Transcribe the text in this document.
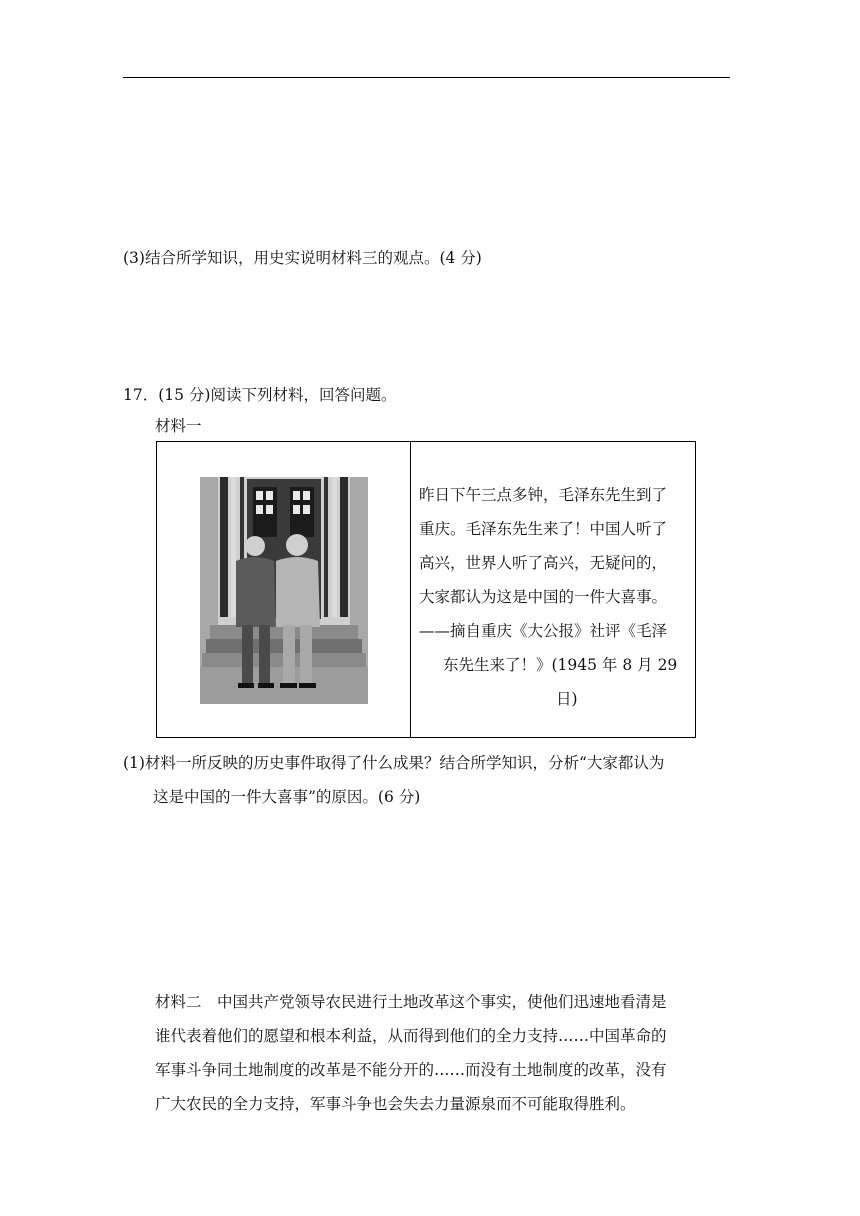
(3)结合所学知识，用史实说明材料三的观点。(4 分)
17．(15 分)阅读下列材料，回答问题。
材料一
昨日下午三点多钟，毛泽东先生到了
重庆。毛泽东先生来了！中国人听了
高兴，世界人听了高兴，无疑问的，
大家都认为这是中国的一件大喜事。
——摘自重庆《大公报》社评《毛泽
东先生来了！》(1945 年 8 月 29
日)
(1)材料一所反映的历史事件取得了什么成果？结合所学知识，分析“大家都认为
这是中国的一件大喜事”的原因。(6 分)
材料二　中国共产党领导农民进行土地改革这个事实，使他们迅速地看清是
谁代表着他们的愿望和根本利益，从而得到他们的全力支持……中国革命的
军事斗争同土地制度的改革是不能分开的……而没有土地制度的改革，没有
广大农民的全力支持，军事斗争也会失去力量源泉而不可能取得胜利。
